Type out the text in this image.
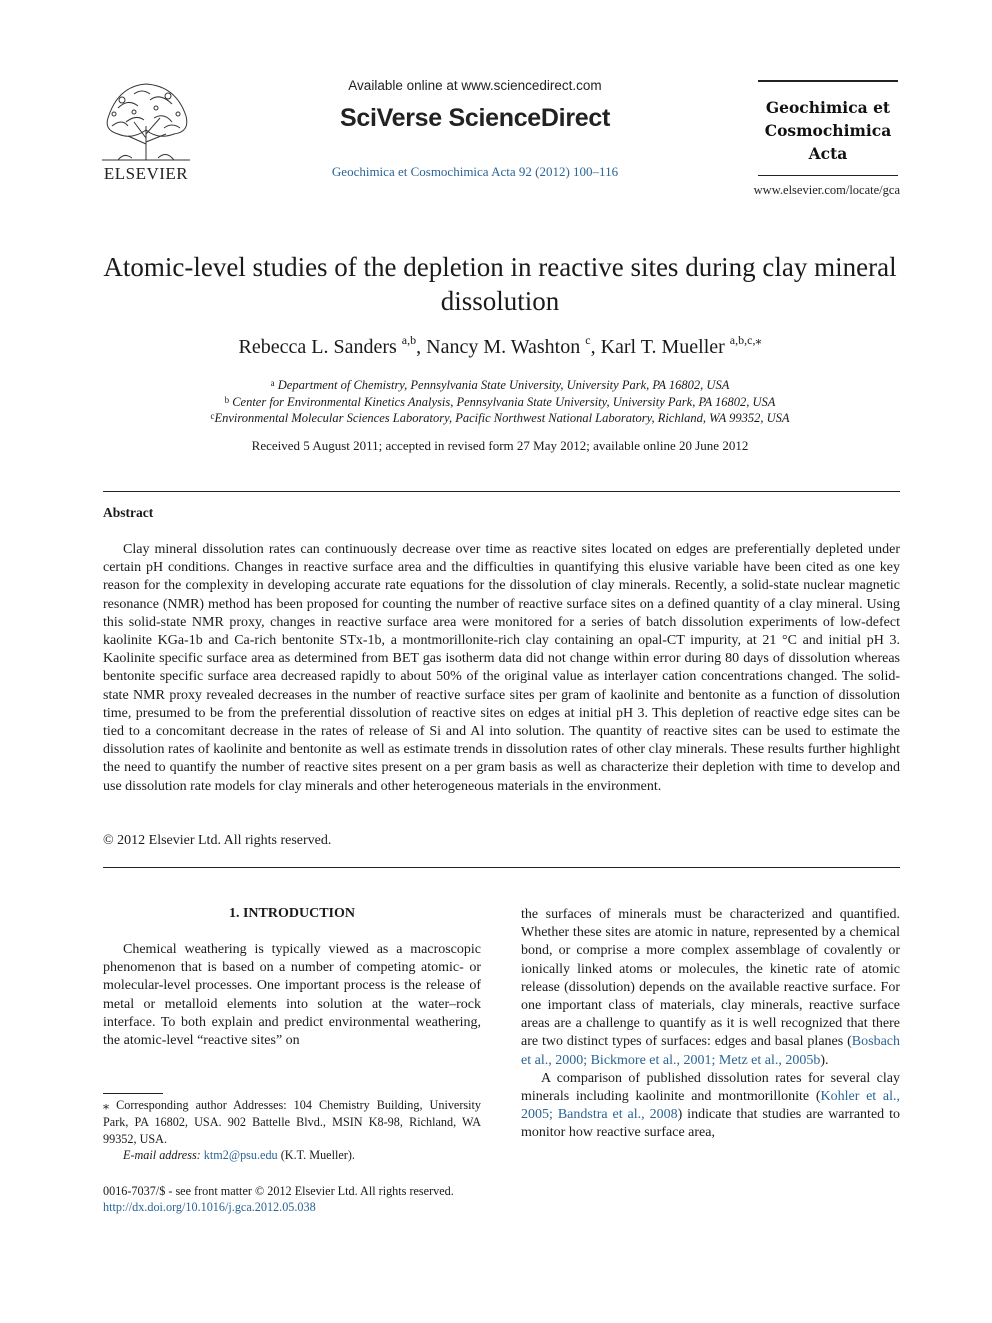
ELSEVIER
Available online at www.sciencedirect.com
SciVerse ScienceDirect
Geochimica et Cosmochimica Acta 92 (2012) 100–116
Geochimica et
Cosmochimica
Acta
www.elsevier.com/locate/gca
Atomic-level studies of the depletion in reactive sites during clay mineral dissolution
Rebecca L. Sanders $^{a,b}$, Nancy M. Washton $^c$, Karl T. Mueller $^{a,b,c,⁎}$
$^a$ Department of Chemistry, Pennsylvania State University, University Park, PA 16802, USA
$^b$ Center for Environmental Kinetics Analysis, Pennsylvania State University, University Park, PA 16802, USA
$^c$Environmental Molecular Sciences Laboratory, Pacific Northwest National Laboratory, Richland, WA 99352, USA
Received 5 August 2011; accepted in revised form 27 May 2012; available online 20 June 2012
Abstract
Clay mineral dissolution rates can continuously decrease over time as reactive sites located on edges are preferentially depleted under certain pH conditions. Changes in reactive surface area and the difficulties in quantifying this elusive variable have been cited as one key reason for the complexity in developing accurate rate equations for the dissolution of clay minerals. Recently, a solid-state nuclear magnetic resonance (NMR) method has been proposed for counting the number of reactive surface sites on a defined quantity of a clay mineral. Using this solid-state NMR proxy, changes in reactive surface area were monitored for a series of batch dissolution experiments of low-defect kaolinite KGa-1b and Ca-rich bentonite STx-1b, a montmorillonite-rich clay containing an opal-CT impurity, at 21 °C and initial pH 3. Kaolinite specific surface area as determined from BET gas isotherm data did not change within error during 80 days of dissolution whereas bentonite specific surface area decreased rapidly to about 50% of the original value as interlayer cation concentrations changed. The solid-state NMR proxy revealed decreases in the number of reactive surface sites per gram of kaolinite and bentonite as a function of dissolution time, presumed to be from the preferential dissolution of reactive sites on edges at initial pH 3. This depletion of reactive edge sites can be tied to a concomitant decrease in the rates of release of Si and Al into solution. The quantity of reactive sites can be used to estimate the dissolution rates of kaolinite and bentonite as well as estimate trends in dissolution rates of other clay minerals. These results further highlight the need to quantify the number of reactive sites present on a per gram basis as well as characterize their depletion with time to develop and use dissolution rate models for clay minerals and other heterogeneous materials in the environment.
© 2012 Elsevier Ltd. All rights reserved.
1. INTRODUCTION
Chemical weathering is typically viewed as a macroscopic phenomenon that is based on a number of competing atomic- or molecular-level processes. One important process is the release of metal or metalloid elements into solution at the water–rock interface. To both explain and predict environmental weathering, the atomic-level “reactive sites” on
⁎ Corresponding author Addresses: 104 Chemistry Building, University Park, PA 16802, USA. 902 Battelle Blvd., MSIN K8-98, Richland, WA 99352, USA.
E-mail address: ktm2@psu.edu (K.T. Mueller).
0016-7037/$ - see front matter © 2012 Elsevier Ltd. All rights reserved.
http://dx.doi.org/10.1016/j.gca.2012.05.038

the surfaces of minerals must be characterized and quantified. Whether these sites are atomic in nature, represented by a chemical bond, or comprise a more complex assemblage of covalently or ionically linked atoms or molecules, the kinetic rate of atomic release (dissolution) depends on the available reactive surface. For one important class of materials, clay minerals, reactive surface areas are a challenge to quantify as it is well recognized that there are two distinct types of surfaces: edges and basal planes (Bosbach et al., 2000; Bickmore et al., 2001; Metz et al., 2005b).

A comparison of published dissolution rates for several clay minerals including kaolinite and montmorillonite (Kohler et al., 2005; Bandstra et al., 2008) indicate that studies are warranted to monitor how reactive surface area,
